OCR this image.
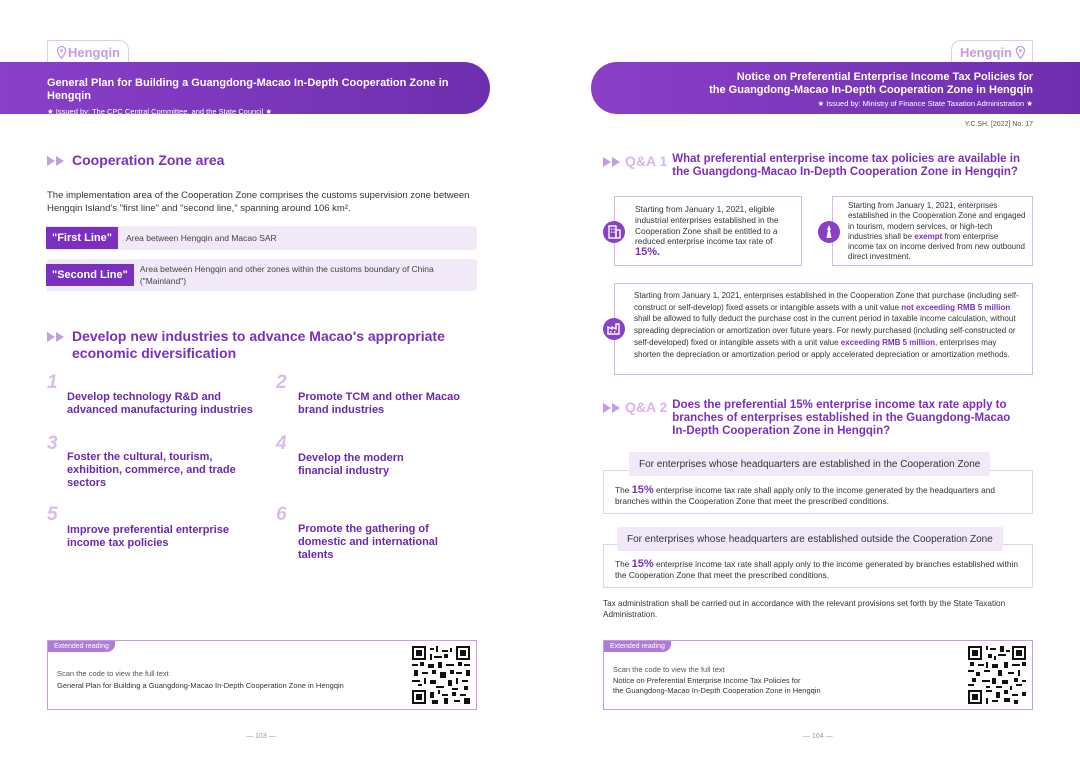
Hengqin
General Plan for Building a Guangdong-Macao In-Depth Cooperation Zone in Hengqin
★ Issued by: The CPC Central Committee, and the State Council ★
Cooperation Zone area
The implementation area of the Cooperation Zone comprises the customs supervision zone between Hengqin Island's "first line" and "second line," spanning around 106 km².
"First Line"	Area between Hengqin and Macao SAR
"Second Line"	Area between Hengqin and other zones within the customs boundary of China ("Mainland")
Develop new industries to advance Macao's appropriate
economic diversification
1
Develop technology R&D and advanced manufacturing industries
2
Promote TCM and other Macao brand industries
3
Foster the cultural, tourism, exhibition, commerce, and trade sectors
4
Develop the modern financial industry
5
Improve preferential enterprise income tax policies
6
Promote the gathering of domestic and international talents
Extended reading
Scan the code to view the full text
General Plan for Building a Guangdong-Macao In-Depth Cooperation Zone in Hengqin
— 103 —
Hengqin
Notice on Preferential Enterprise Income Tax Policies for
the Guangdong-Macao In-Depth Cooperation Zone in Hengqin
★ Issued by: Ministry of Finance State Taxation Administration ★
Y.C.SH. [2022] No. 17
Q&A 1 What preferential enterprise income tax policies are available in the Guangdong-Macao In-Depth Cooperation Zone in Hengqin?
Starting from January 1, 2021, eligible industrial enterprises established in the Cooperation Zone shall be entitled to a reduced enterprise income tax rate of
15%.
Starting from January 1, 2021, enterprises established in the Cooperation Zone and engaged in tourism, modern services, or high-tech industries shall be exempt from enterprise income tax on income derived from new outbound direct investment.
Starting from January 1, 2021, enterprises established in the Cooperation Zone that purchase (including self-construct or self-develop) fixed assets or intangible assets with a unit value not exceeding RMB 5 million shall be allowed to fully deduct the purchase cost in the current period in taxable income calculation, without spreading depreciation or amortization over future years. For newly purchased (including self-constructed or self-developed) fixed or intangible assets with a unit value exceeding RMB 5 million, enterprises may shorten the depreciation or amortization period or apply accelerated depreciation or amortization methods.
Q&A 2 Does the preferential 15% enterprise income tax rate apply to branches of enterprises established in the Guangdong-Macao In-Depth Cooperation Zone in Hengqin?
The 15% enterprise income tax rate shall apply only to the income generated by the headquarters and branches within the Cooperation Zone that meet the prescribed conditions.
For enterprises whose headquarters are established in the Cooperation Zone
The 15% enterprise income tax rate shall apply only to the income generated by branches established within the Cooperation Zone that meet the prescribed conditions.
For enterprises whose headquarters are established outside the Cooperation Zone
Tax administration shall be carried out in accordance with the relevant provisions set forth by the State Taxation Administration.
Extended reading
Scan the code to view the full text
Notice on Preferential Enterprise Income Tax Policies for
the Guangdong-Macao In-Depth Cooperation Zone in Hengqin
— 104 —
